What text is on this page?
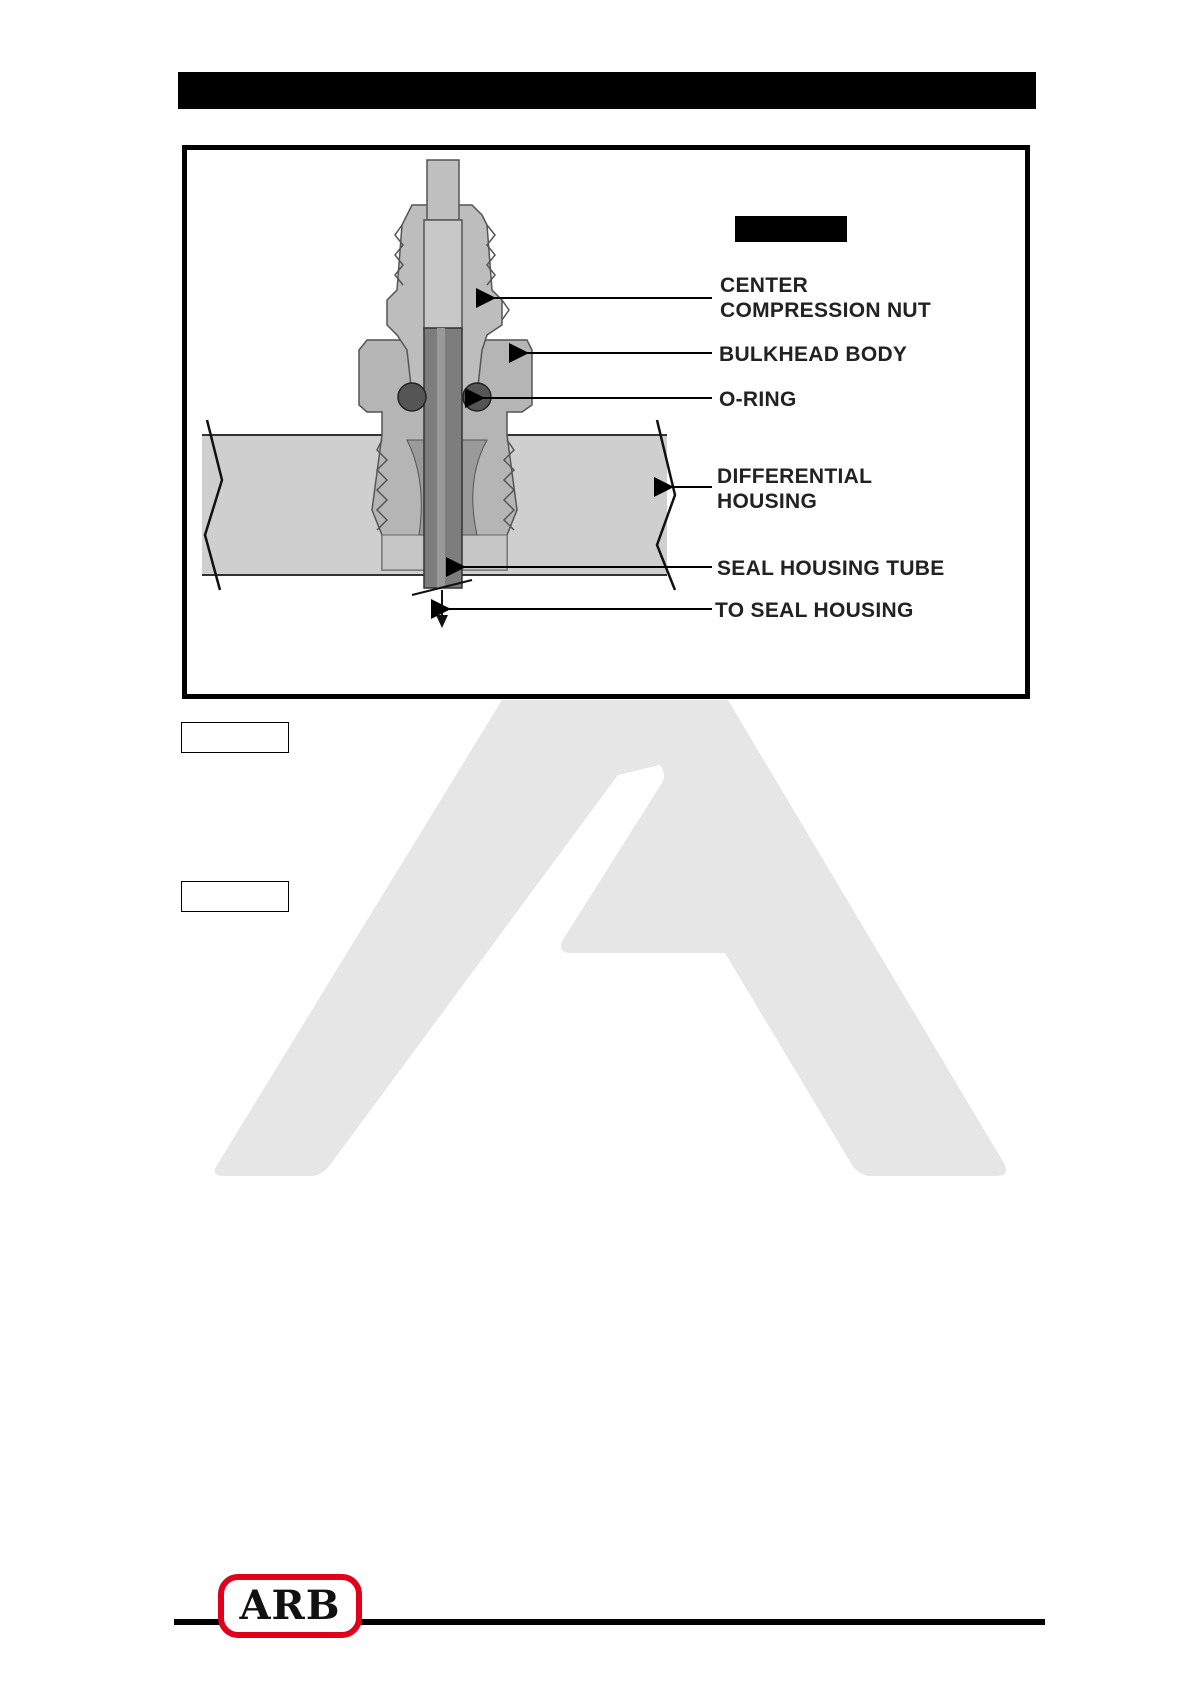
CENTER
COMPRESSION NUT
BULKHEAD BODY
O-RING
DIFFERENTIAL
HOUSING
SEAL HOUSING TUBE
TO SEAL HOUSING
ARB
